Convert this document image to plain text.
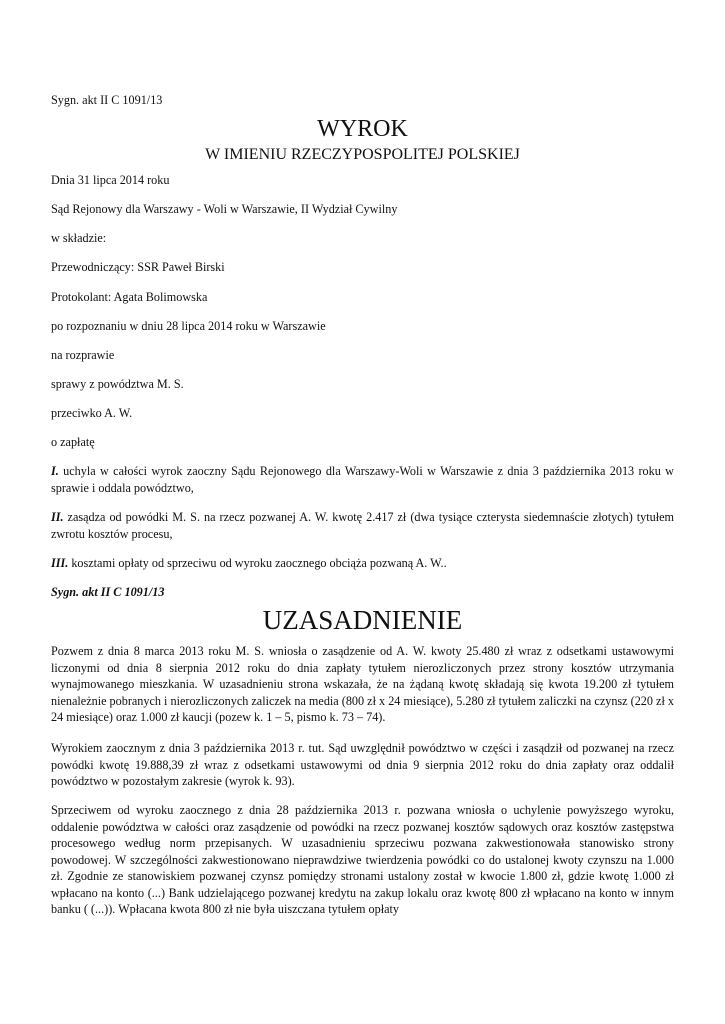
Sygn. akt II C 1091/13
WYROK
W IMIENIU RZECZYPOSPOLITEJ POLSKIEJ
Dnia 31 lipca 2014 roku
Sąd Rejonowy dla Warszawy - Woli w Warszawie, II Wydział Cywilny
w składzie:
Przewodniczący: SSR Paweł Birski
Protokolant: Agata Bolimowska
po rozpoznaniu w dniu 28 lipca 2014 roku w Warszawie
na rozprawie
sprawy z powództwa M. S.
przeciwko A. W.
o zapłatę
I. uchyla w całości wyrok zaoczny Sądu Rejonowego dla Warszawy-Woli w Warszawie z dnia 3 października 2013 roku w sprawie i oddala powództwo,
II. zasądza od powódki M. S. na rzecz pozwanej A. W. kwotę 2.417 zł (dwa tysiące czterysta siedemnaście złotych) tytułem zwrotu kosztów procesu,
III. kosztami opłaty od sprzeciwu od wyroku zaocznego obciąża pozwaną A. W..
Sygn. akt II C 1091/13
UZASADNIENIE
Pozwem z dnia 8 marca 2013 roku M. S. wniosła o zasądzenie od A. W. kwoty 25.480 zł wraz z odsetkami ustawowymi liczonymi od dnia 8 sierpnia 2012 roku do dnia zapłaty tytułem nierozliczonych przez strony kosztów utrzymania wynajmowanego mieszkania. W uzasadnieniu strona wskazała, że na żądaną kwotę składają się kwota 19.200 zł tytułem nienależnie pobranych i nierozliczonych zaliczek na media (800 zł x 24 miesiące), 5.280 zł tytułem zaliczki na czynsz (220 zł x 24 miesiące) oraz 1.000 zł kaucji (pozew k. 1 – 5, pismo k. 73 – 74).
Wyrokiem zaocznym z dnia 3 października 2013 r. tut. Sąd uwzględnił powództwo w części i zasądził od pozwanej na rzecz powódki kwotę 19.888,39 zł wraz z odsetkami ustawowymi od dnia 9 sierpnia 2012 roku do dnia zapłaty oraz oddalił powództwo w pozostałym zakresie (wyrok k. 93).
Sprzeciwem od wyroku zaocznego z dnia 28 października 2013 r. pozwana wniosła o uchylenie powyższego wyroku, oddalenie powództwa w całości oraz zasądzenie od powódki na rzecz pozwanej kosztów sądowych oraz kosztów zastępstwa procesowego według norm przepisanych. W uzasadnieniu sprzeciwu pozwana zakwestionowała stanowisko strony powodowej. W szczególności zakwestionowano nieprawdziwe twierdzenia powódki co do ustalonej kwoty czynszu na 1.000 zł. Zgodnie ze stanowiskiem pozwanej czynsz pomiędzy stronami ustalony został w kwocie 1.800 zł, gdzie kwotę 1.000 zł wpłacano na konto (...) Bank udzielającego pozwanej kredytu na zakup lokalu oraz kwotę 800 zł wpłacano na konto w innym banku ( (...)). Wpłacana kwota 800 zł nie była uiszczana tytułem opłaty
